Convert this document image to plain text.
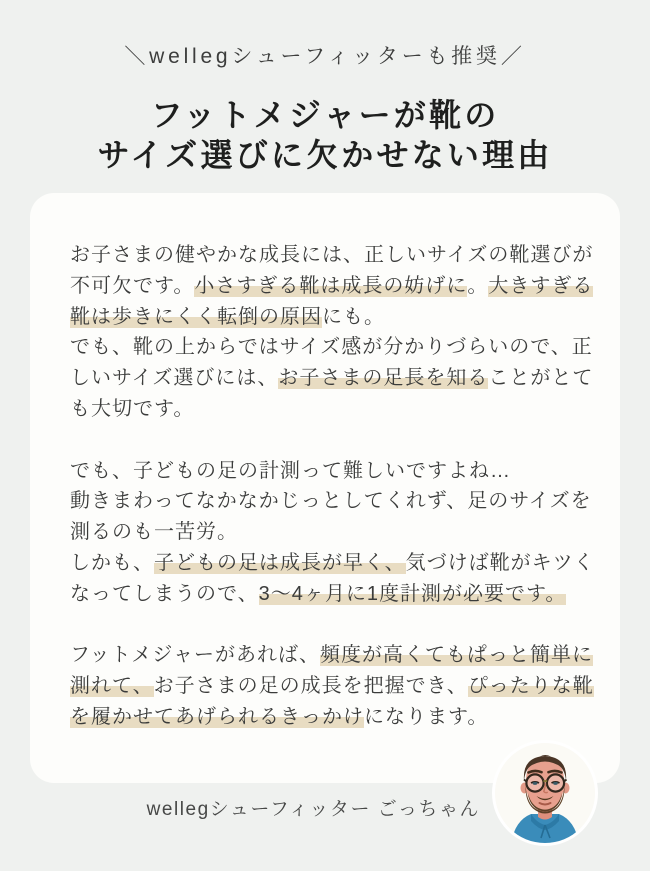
＼wellegシューフィッターも推奨／
フットメジャーが靴の
サイズ選びに欠かせない理由

お子さまの健やかな成長には、正しいサイズの靴選びが
不可欠です。小さすぎる靴は成長の妨げに。大きすぎる
靴は歩きにくく転倒の原因にも。
でも、靴の上からではサイズ感が分かりづらいので、正
しいサイズ選びには、お子さまの足長を知ることがとて
も大切です。

でも、子どもの足の計測って難しいですよね…
動きまわってなかなかじっとしてくれず、足のサイズを
測るのも一苦労。
しかも、子どもの足は成長が早く、気づけば靴がキツく
なってしまうので、3〜4ヶ月に1度計測が必要です。

フットメジャーがあれば、頻度が高くてもぱっと簡単に
測れて、お子さまの足の成長を把握でき、ぴったりな靴
を履かせてあげられるきっかけになります。

wellegシューフィッター ごっちゃん
